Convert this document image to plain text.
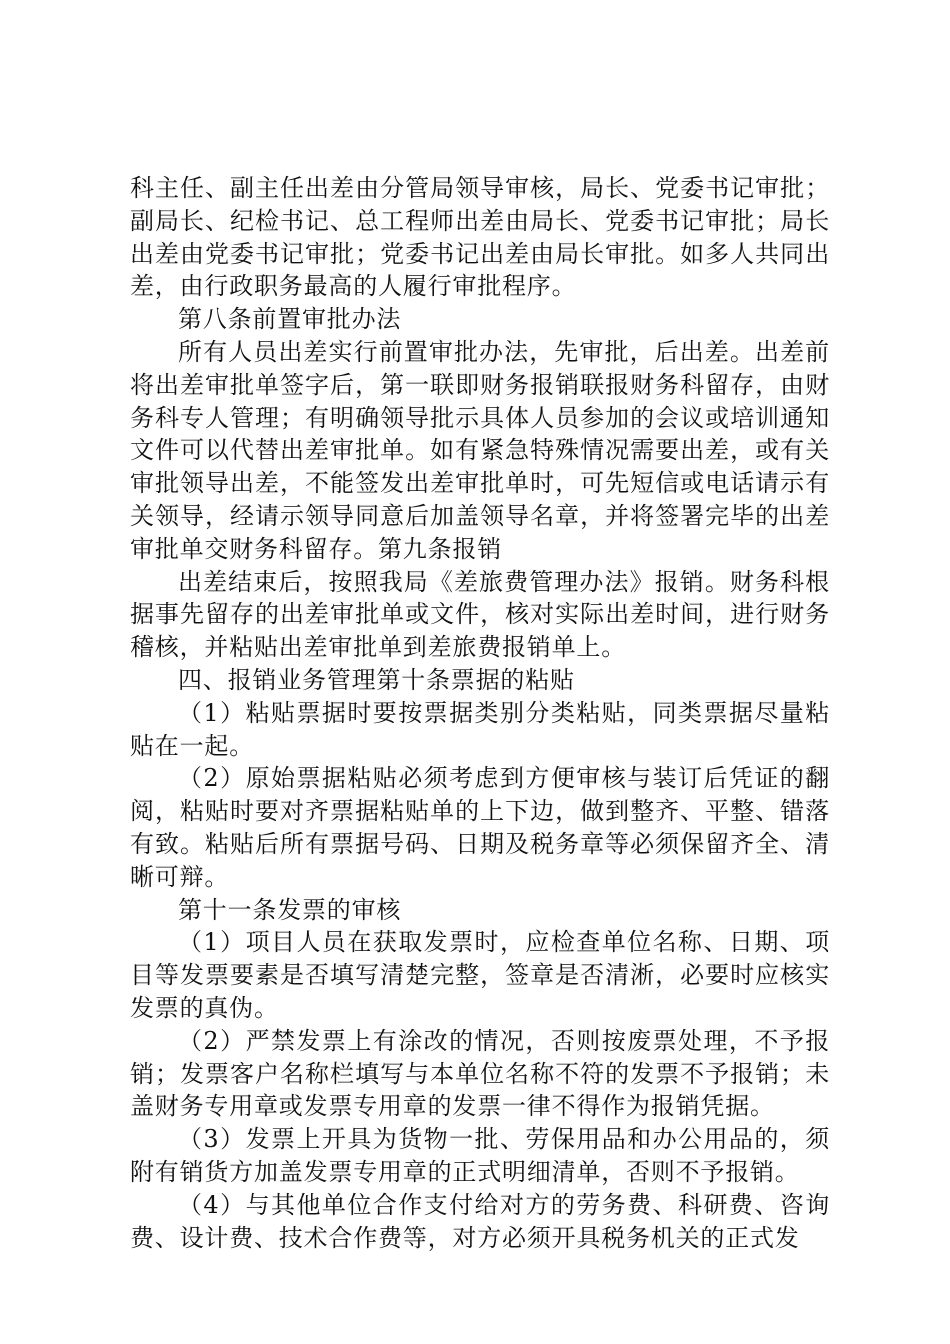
科主任、副主任出差由分管局领导审核，局长、党委书记审批；副局长、纪检书记、总工程师出差由局长、党委书记审批；局长出差由党委书记审批；党委书记出差由局长审批。如多人共同出差，由行政职务最高的人履行审批程序。

第八条前置审批办法

所有人员出差实行前置审批办法，先审批，后出差。出差前将出差审批单签字后，第一联即财务报销联报财务科留存，由财务科专人管理；有明确领导批示具体人员参加的会议或培训通知文件可以代替出差审批单。如有紧急特殊情况需要出差，或有关审批领导出差，不能签发出差审批单时，可先短信或电话请示有关领导，经请示领导同意后加盖领导名章，并将签署完毕的出差审批单交财务科留存。第九条报销

出差结束后，按照我局《差旅费管理办法》报销。财务科根据事先留存的出差审批单或文件，核对实际出差时间，进行财务稽核，并粘贴出差审批单到差旅费报销单上。

四、报销业务管理第十条票据的粘贴

（1）粘贴票据时要按票据类别分类粘贴，同类票据尽量粘贴在一起。

（2）原始票据粘贴必须考虑到方便审核与装订后凭证的翻阅，粘贴时要对齐票据粘贴单的上下边，做到整齐、平整、错落有致。粘贴后所有票据号码、日期及税务章等必须保留齐全、清晰可辩。

第十一条发票的审核

（1）项目人员在获取发票时，应检查单位名称、日期、项目等发票要素是否填写清楚完整，签章是否清淅，必要时应核实发票的真伪。

（2）严禁发票上有涂改的情况，否则按废票处理，不予报销；发票客户名称栏填写与本单位名称不符的发票不予报销；未盖财务专用章或发票专用章的发票一律不得作为报销凭据。

（3）发票上开具为货物一批、劳保用品和办公用品的，须附有销货方加盖发票专用章的正式明细清单，否则不予报销。

（4）与其他单位合作支付给对方的劳务费、科研费、咨询费、设计费、技术合作费等，对方必须开具税务机关的正式发
